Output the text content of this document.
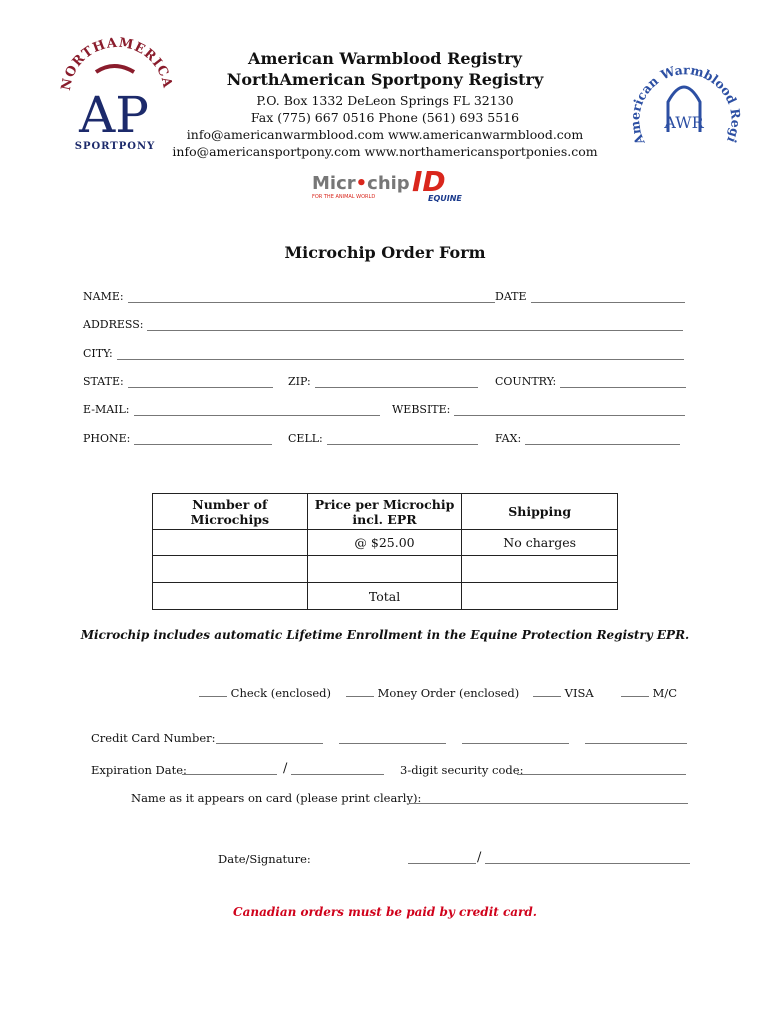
NORTHAMERICA
AP
SPORTPONY	American Warmblood R gi
AWR
American Warmblood Registry
NorthAmerican Sportpony Registry
P.O. Box 1332 DeLeon Springs FL 32130
Fax (775) 667 0516 Phone (561) 693 5516
info@americanwarmblood.com www.americanwarmblood.com
info@americansportpony.com www.northamericansportponies.com
Micr•chip ID
FOR THE ANIMAL WORLD	EQUINE
Microchip Order Form
NAME:	DATE
ADDRESS:
CITY:
STATE:	ZIP:	COUNTRY:
E-MAIL:	WEBSITE:
PHONE:	CELL:	FAX:
Number of Microchips	Price per Microchip incl. EPR	Shipping
	@ $25.00	No charges

	Total	
Microchip includes automatic Lifetime Enrollment in the Equine Protection Registry EPR.
Check (enclosed)	Money Order (enclosed)	VISA	M/C
Credit Card Number:
Expiration Date:	/	3-digit security code:
Name as it appears on card (please print clearly):
Date/Signature:	/
Canadian orders must be paid by credit card.
